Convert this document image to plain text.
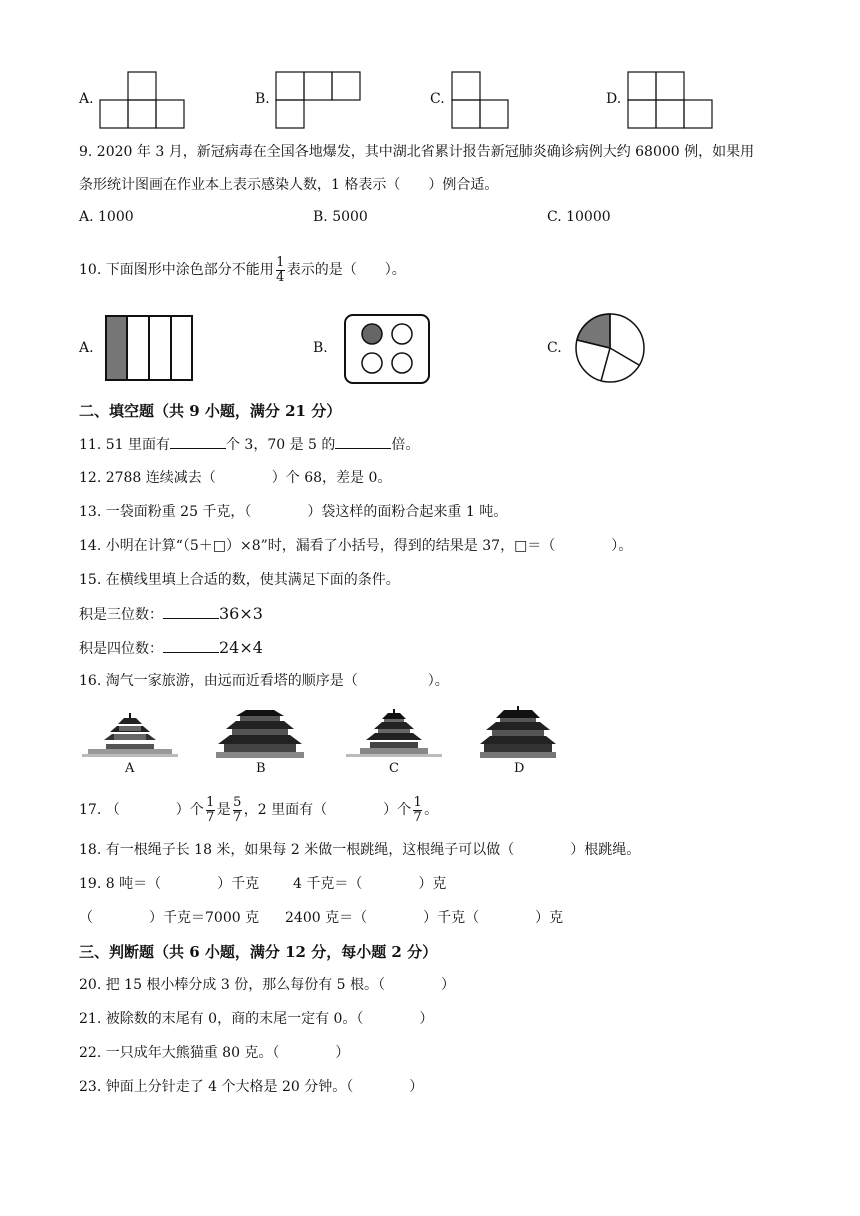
A.	B.	C.	D.
9. 2020 年 3 月，新冠病毒在全国各地爆发，其中湖北省累计报告新冠肺炎确诊病例大约 68000 例，如果用
条形统计图画在作业本上表示感染人数，1 格表示（　　）例合适。
A. 1000	B. 5000	C. 10000
10. 下面图形中涂色部分不能用 $\frac{1}{4}$ 表示的是（　　）。
A.	B.	C.
二、填空题（共 9 小题，满分 21 分）
11. 51 里面有	个 3，70 是 5 的	倍。
12. 2788 连续减去（　　　　）个 68，差是 0。
13. 一袋面粉重 25 千克，（　　　　）袋这样的面粉合起来重 1 吨。
14. 小明在计算“（5＋□）×8”时，漏看了小括号，得到的结果是 37，□＝（　　　　）。
15. 在横线里填上合适的数，使其满足下面的条件。
积是三位数：	36×3
积是四位数：	24×4
16. 淘气一家旅游，由远而近看塔的顺序是（　　　　　）。
A	B	C	D
17. （　　　　）个 $\frac{1}{7}$ 是 $\frac{5}{7}$ ，2 里面有（　　　　）个 $\frac{1}{7}$ 。
18. 有一根绳子长 18 米，如果每 2 米做一根跳绳，这根绳子可以做（　　　　）根跳绳。
19. 8 吨＝（　　　　）千克 4 千克＝（　　　　）克
（　　　　）千克＝7000 克 2400 克＝（　　　　）千克（　　　　）克
三、判断题（共 6 小题，满分 12 分，每小题 2 分）
20. 把 15 根小棒分成 3 份，那么每份有 5 根。（　　　　）
21. 被除数的末尾有 0，商的末尾一定有 0。（　　　　）
22. 一只成年大熊猫重 80 克。（　　　　）
23. 钟面上分针走了 4 个大格是 20 分钟。（　　　　）
